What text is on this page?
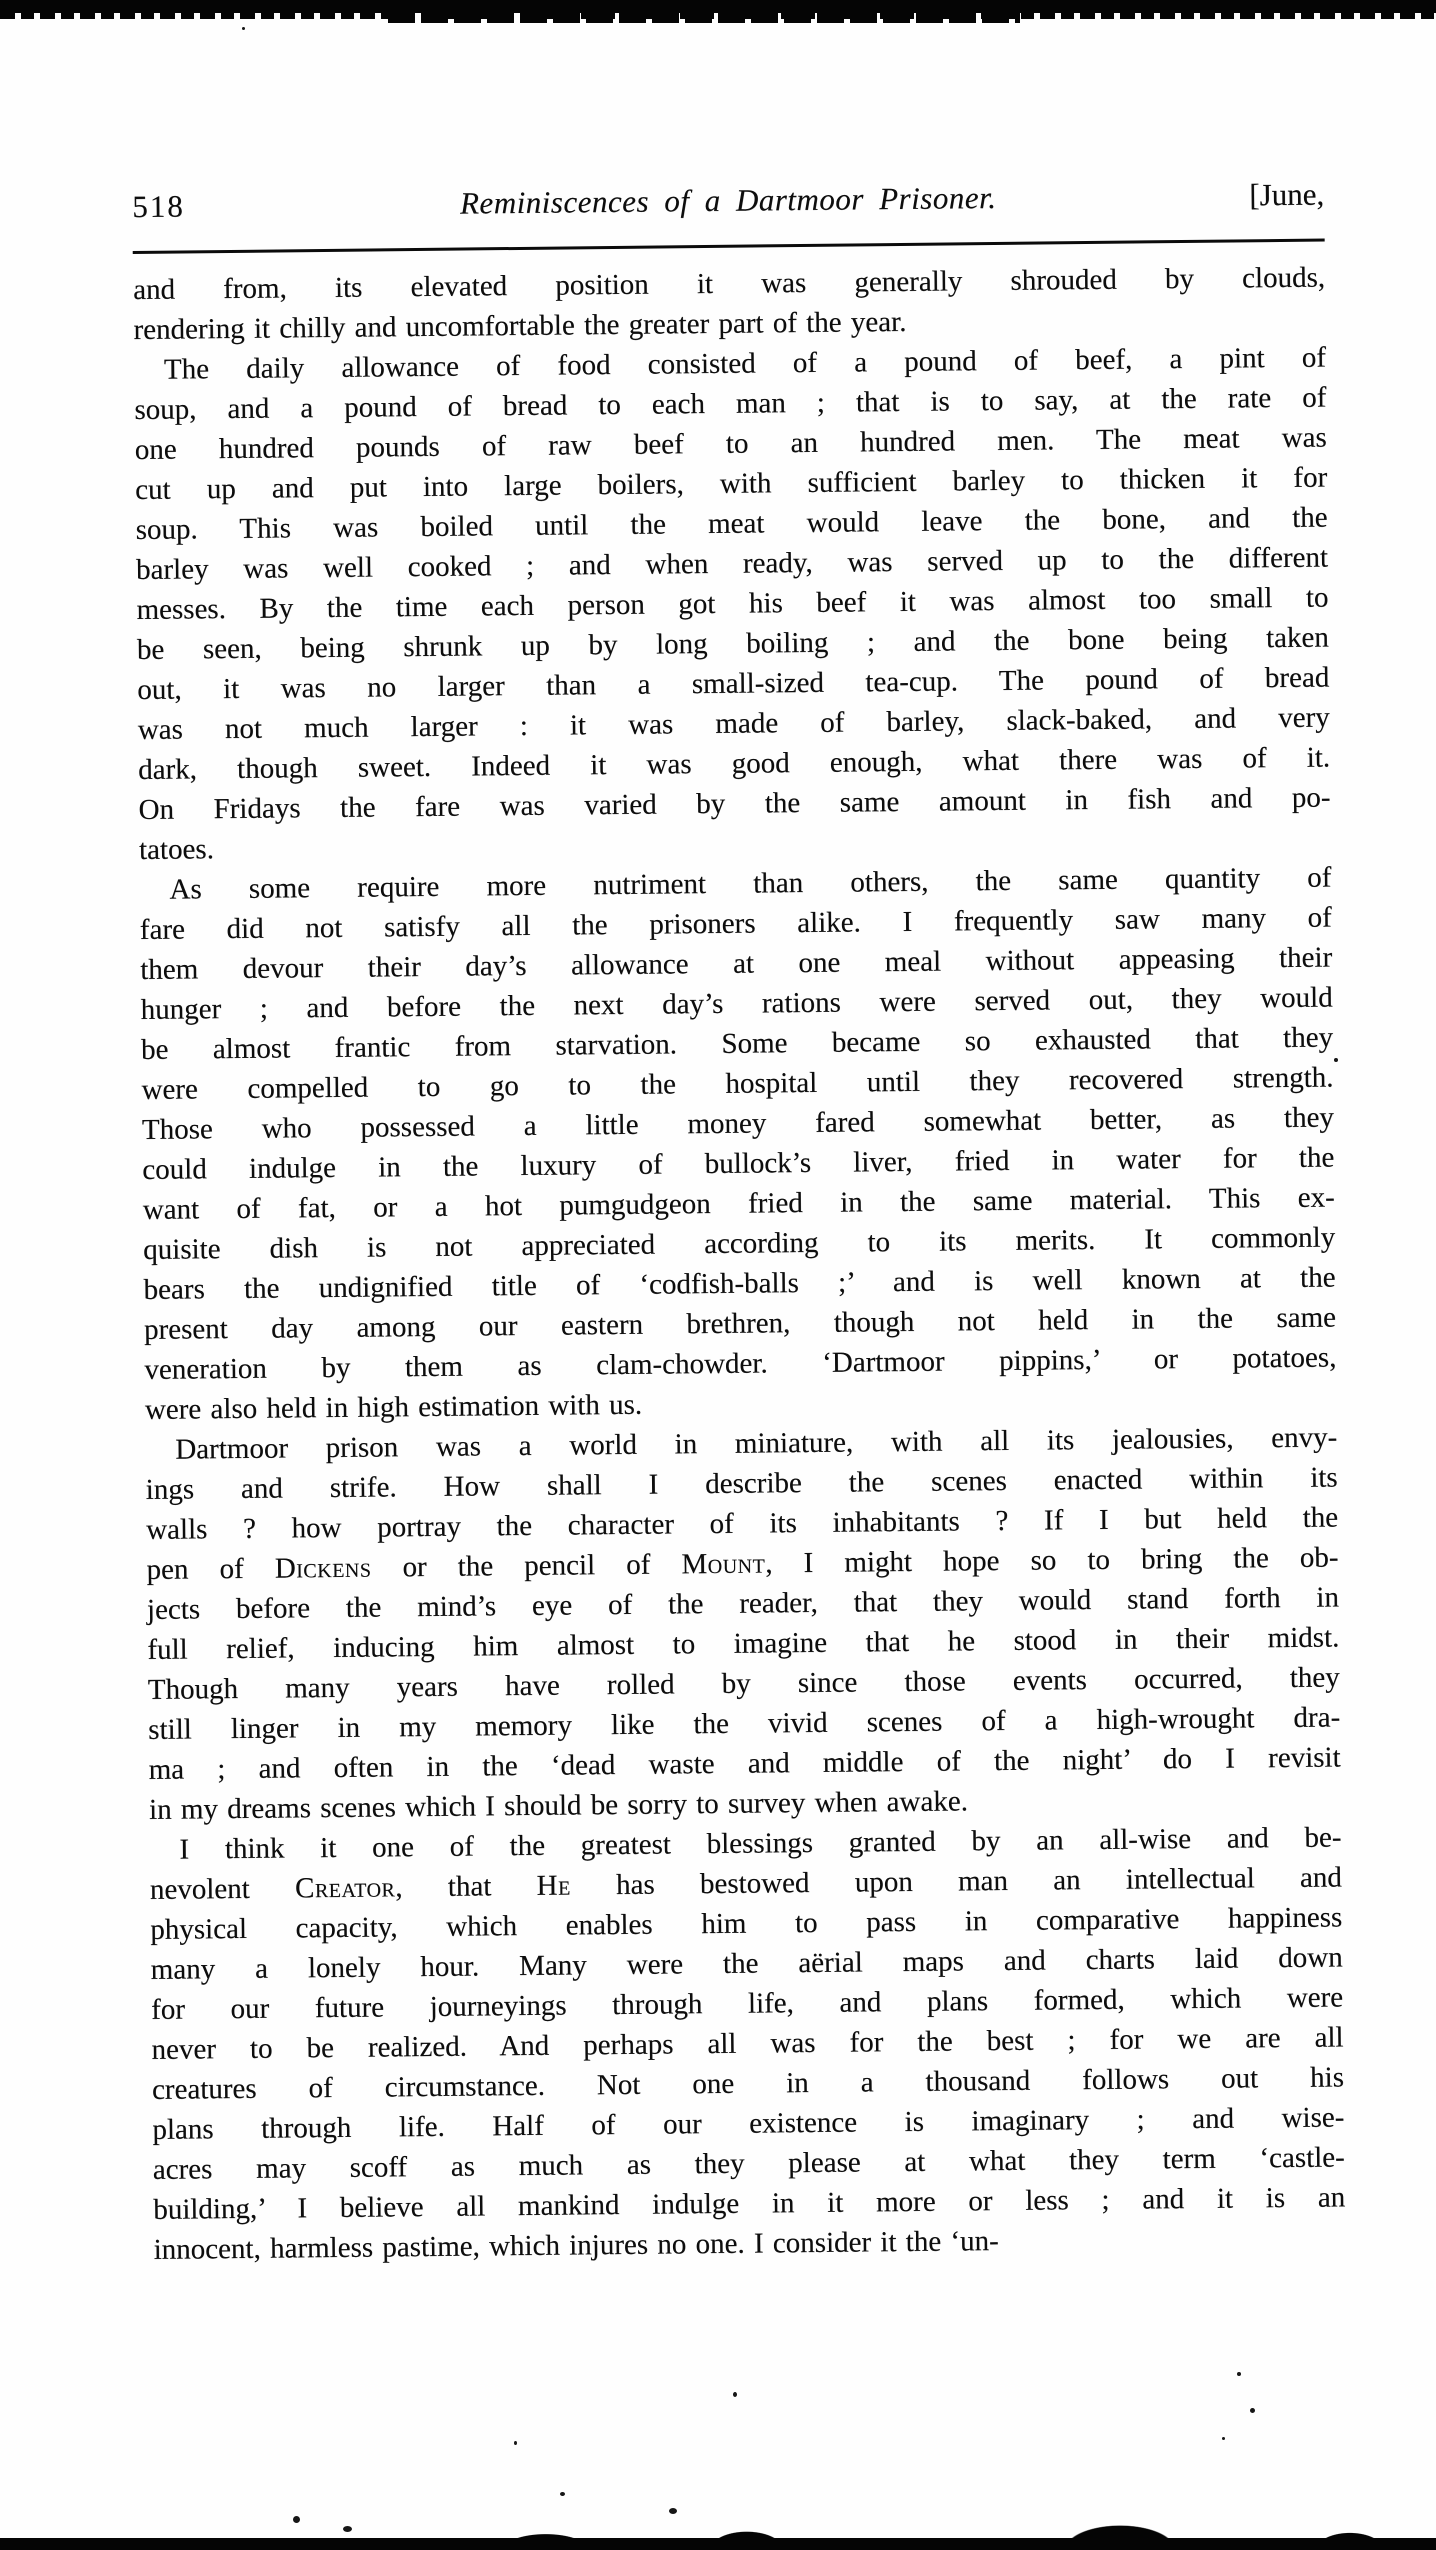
518	Reminiscences of a Dartmoor Prisoner.	[June,
and from, its elevated position it was generally shrouded by clouds,
rendering it chilly and uncomfortable the greater part of the year.
The daily allowance of food consisted of a pound of beef, a pint of
soup, and a pound of bread to each man ; that is to say, at the rate of
one hundred pounds of raw beef to an hundred men. The meat was
cut up and put into large boilers, with sufficient barley to thicken it for
soup. This was boiled until the meat would leave the bone, and the
barley was well cooked ; and when ready, was served up to the different
messes. By the time each person got his beef it was almost too small to
be seen, being shrunk up by long boiling ; and the bone being taken
out, it was no larger than a small-sized tea-cup. The pound of bread
was not much larger : it was made of barley, slack-baked, and very
dark, though sweet. Indeed it was good enough, what there was of it.
On Fridays the fare was varied by the same amount in fish and po-
tatoes.
As some require more nutriment than others, the same quantity of
fare did not satisfy all the prisoners alike. I frequently saw many of
them devour their day’s allowance at one meal without appeasing their
hunger ; and before the next day’s rations were served out, they would
be almost frantic from starvation. Some became so exhausted that they
were compelled to go to the hospital until they recovered strength.
Those who possessed a little money fared somewhat better, as they
could indulge in the luxury of bullock’s liver, fried in water for the
want of fat, or a hot pumgudgeon fried in the same material. This ex-
quisite dish is not appreciated according to its merits. It commonly
bears the undignified title of ‘codfish-balls ;’ and is well known at the
present day among our eastern brethren, though not held in the same
veneration by them as clam-chowder. ‘Dartmoor pippins,’ or potatoes,
were also held in high estimation with us.
Dartmoor prison was a world in miniature, with all its jealousies, envy-
ings and strife. How shall I describe the scenes enacted within its
walls ? how portray the character of its inhabitants ? If I but held the
pen of Dickens or the pencil of Mount, I might hope so to bring the ob-
jects before the mind’s eye of the reader, that they would stand forth in
full relief, inducing him almost to imagine that he stood in their midst.
Though many years have rolled by since those events occurred, they
still linger in my memory like the vivid scenes of a high-wrought dra-
ma ; and often in the ‘dead waste and middle of the night’ do I revisit
in my dreams scenes which I should be sorry to survey when awake.
I think it one of the greatest blessings granted by an all-wise and be-
nevolent Creator, that He has bestowed upon man an intellectual and
physical capacity, which enables him to pass in comparative happiness
many a lonely hour. Many were the aërial maps and charts laid down
for our future journeyings through life, and plans formed, which were
never to be realized. And perhaps all was for the best ; for we are all
creatures of circumstance. Not one in a thousand follows out his
plans through life. Half of our existence is imaginary ; and wise-
acres may scoff as much as they please at what they term ‘castle-
building,’ I believe all mankind indulge in it more or less ; and it is an
innocent, harmless pastime, which injures no one. I consider it the ‘un-
